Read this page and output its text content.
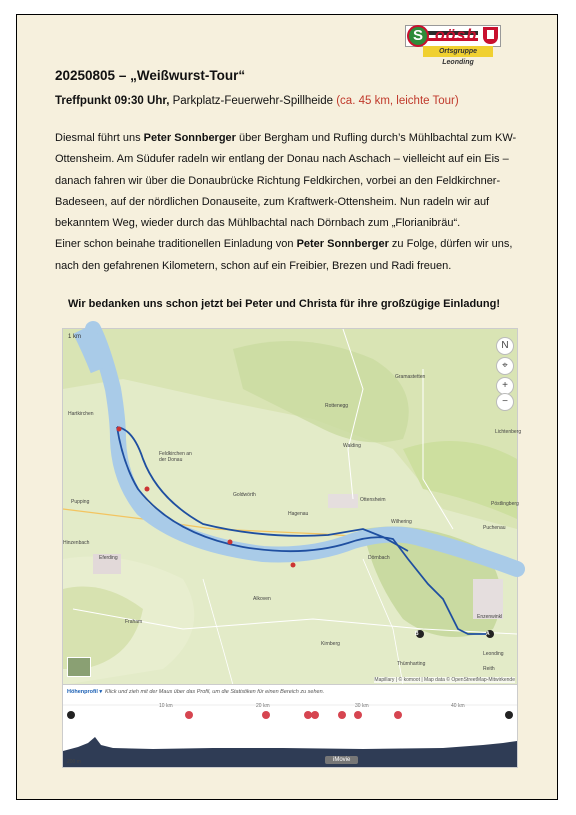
S oösb
Ortsgruppe Leonding
20250805 – „Weißwurst-Tour“
Treffpunkt 09:30 Uhr, Parkplatz-Feuerwehr-Spillheide (ca. 45 km, leichte Tour)
Diesmal führt uns Peter Sonnberger über Bergham und Rufling durch’s Mühlbachtal zum KW-Ottensheim. Am Südufer radeln wir entlang der Donau nach Aschach – vielleicht auf ein Eis – danach fahren wir über die Donaubrücke Richtung Feldkirchen, vorbei an den Feldkirchner-Badeseen, auf der nördlichen Donauseite, zum Kraftwerk-Ottensheim. Nun radeln wir auf bekanntem Weg, wieder durch das Mühlbachtal nach Dörnbach zum „Florianibräu“.
Einer schon beinahe traditionellen Einladung von Peter Sonnberger zu Folge, dürfen wir uns, nach den gefahrenen Kilometern, schon auf ein Freibier, Brezen und Radi freuen.
Wir bedanken uns schon jetzt bei Peter und Christa für ihre großzügige Einladung!
1 km
N
⌖
+
−
Hartkirchen
Feldkirchen an der Donau
Goldwörth
Ottensheim
Walding
Rottenegg
Gramastetten
Pupping
Eferding
Hinzenbach
Alkoven
Fraham
Hagenau
Wilhering
Dörnbach
Kirnberg
Thürnharting
Enzenwinkl
Lichtenberg
Puchenau
Pöstlingberg
Leonding
Reith
B	A
Mapillary | © komoot | Map data © OpenStreetMap-Mitwirkende
Höhenprofil ▾ Klick und zieh mit der Maus über das Profil, um die Statistiken für einen Bereich zu sehen.
10 km	20 km	30 km	40 km
200 m	iMovie
